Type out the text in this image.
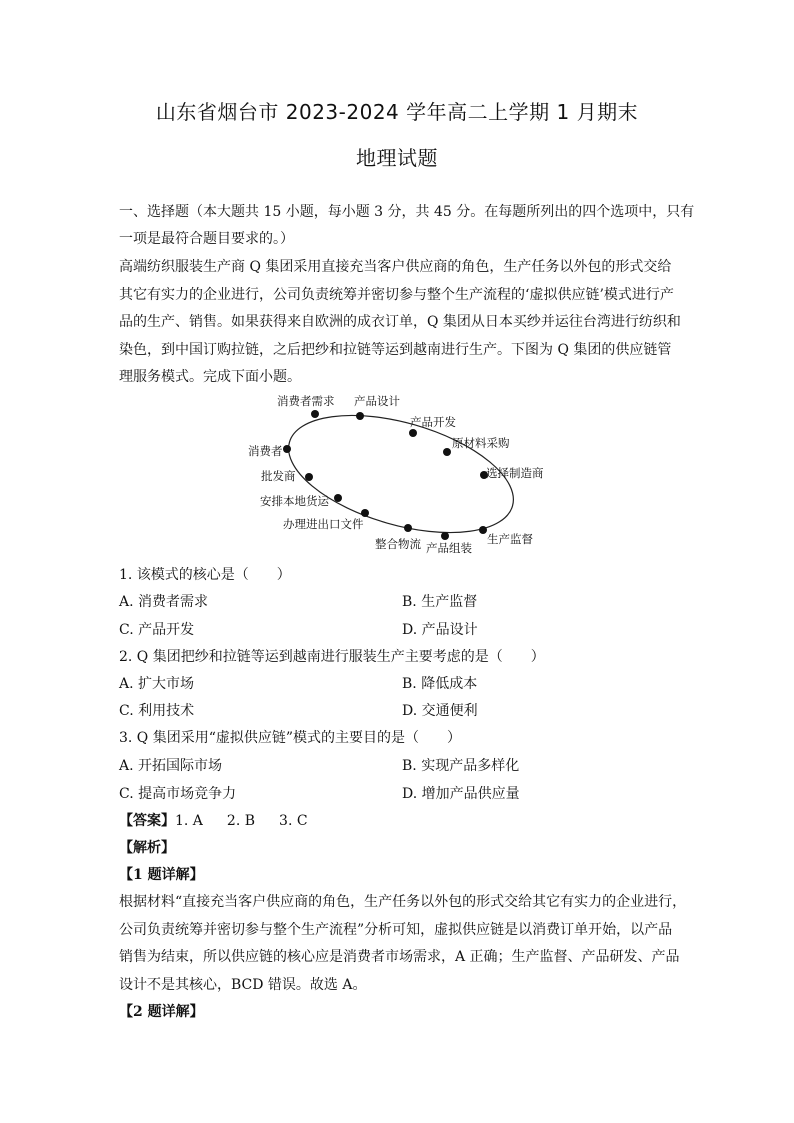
山东省烟台市 2023-2024 学年高二上学期 1 月期末
地理试题
一、选择题（本大题共 15 小题，每小题 3 分，共 45 分。在每题所列出的四个选项中，只有
一项是最符合题目要求的。）
高端纺织服装生产商 Q 集团采用直接充当客户供应商的角色，生产任务以外包的形式交给
其它有实力的企业进行，公司负责统筹并密切参与整个生产流程的‘虚拟供应链’模式进行产
品的生产、销售。如果获得来自欧洲的成衣订单，Q 集团从日本买纱并运往台湾进行纺织和
染色，到中国订购拉链，之后把纱和拉链等运到越南进行生产。下图为 Q 集团的供应链管
理服务模式。完成下面小题。
消费者需求 产品设计
产品开发
原材料采购
选择制造商
生产监督
产品组装
整合物流
办理进出口文件
安排本地货运
批发商
消费者
1. 该模式的核心是（　　）
A. 消费者需求	B. 生产监督
C. 产品开发	D. 产品设计
2. Q 集团把纱和拉链等运到越南进行服装生产主要考虑的是（　　）
A. 扩大市场	B. 降低成本
C. 利用技术	D. 交通便利
3. Q 集团采用“虚拟供应链”模式的主要目的是（　　）
A. 开拓国际市场	B. 实现产品多样化
C. 提高市场竞争力	D. 增加产品供应量
【答案】1. A 2. B 3. C
【解析】
【1 题详解】
根据材料“直接充当客户供应商的角色，生产任务以外包的形式交给其它有实力的企业进行，
公司负责统筹并密切参与整个生产流程”分析可知，虚拟供应链是以消费订单开始，以产品
销售为结束，所以供应链的核心应是消费者市场需求，A 正确；生产监督、产品研发、产品
设计不是其核心，BCD 错误。故选 A。
【2 题详解】
